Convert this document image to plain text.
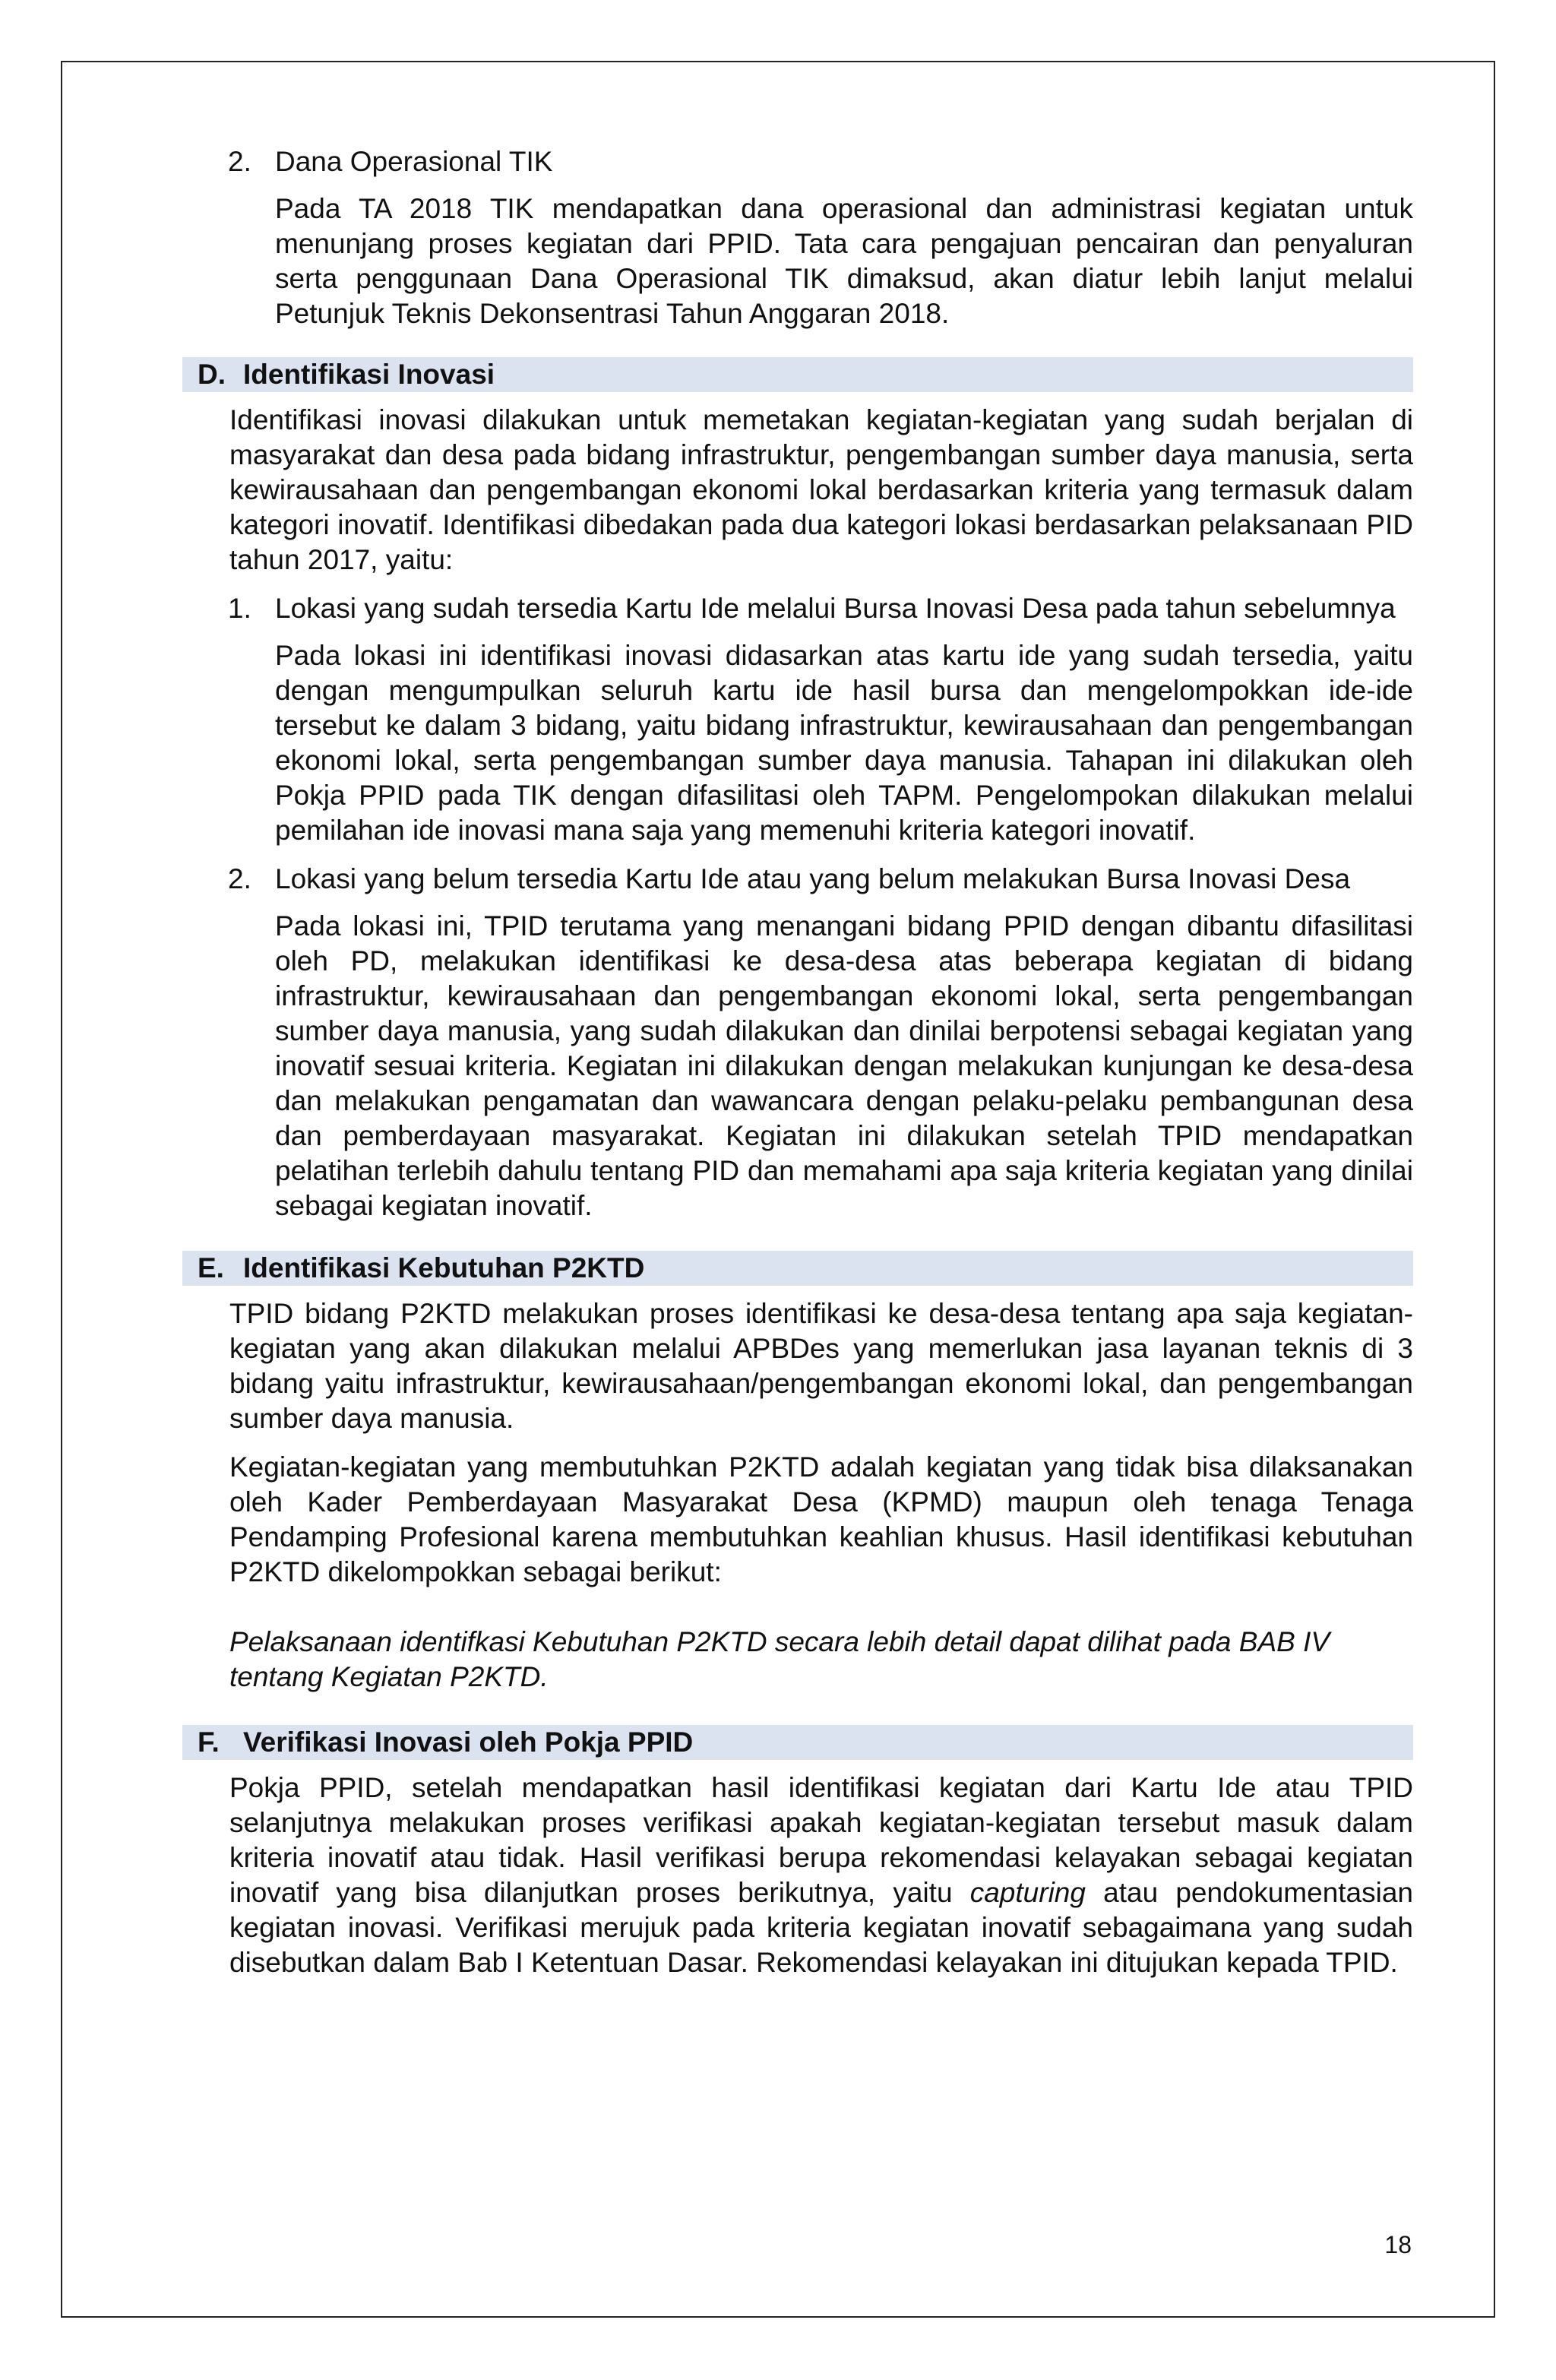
2. Dana Operasional TIK

Pada TA 2018 TIK mendapatkan dana operasional dan administrasi kegiatan untuk menunjang proses kegiatan dari PPID. Tata cara pengajuan pencairan dan penyaluran serta penggunaan Dana Operasional TIK dimaksud, akan diatur lebih lanjut melalui Petunjuk Teknis Dekonsentrasi Tahun Anggaran 2018.

D. Identifikasi Inovasi

Identifikasi inovasi dilakukan untuk memetakan kegiatan-kegiatan yang sudah berjalan di masyarakat dan desa pada bidang infrastruktur, pengembangan sumber daya manusia, serta kewirausahaan dan pengembangan ekonomi lokal berdasarkan kriteria yang termasuk dalam kategori inovatif. Identifikasi dibedakan pada dua kategori lokasi berdasarkan pelaksanaan PID tahun 2017, yaitu:

1. Lokasi yang sudah tersedia Kartu Ide melalui Bursa Inovasi Desa pada tahun sebelumnya

Pada lokasi ini identifikasi inovasi didasarkan atas kartu ide yang sudah tersedia, yaitu dengan mengumpulkan seluruh kartu ide hasil bursa dan mengelompokkan ide-ide tersebut ke dalam 3 bidang, yaitu bidang infrastruktur, kewirausahaan dan pengembangan ekonomi lokal, serta pengembangan sumber daya manusia. Tahapan ini dilakukan oleh Pokja PPID pada TIK dengan difasilitasi oleh TAPM. Pengelompokan dilakukan melalui pemilahan ide inovasi mana saja yang memenuhi kriteria kategori inovatif.

2. Lokasi yang belum tersedia Kartu Ide atau yang belum melakukan Bursa Inovasi Desa

Pada lokasi ini, TPID terutama yang menangani bidang PPID dengan dibantu difasilitasi oleh PD, melakukan identifikasi ke desa-desa atas beberapa kegiatan di bidang infrastruktur, kewirausahaan dan pengembangan ekonomi lokal, serta pengembangan sumber daya manusia, yang sudah dilakukan dan dinilai berpotensi sebagai kegiatan yang inovatif sesuai kriteria. Kegiatan ini dilakukan dengan melakukan kunjungan ke desa-desa dan melakukan pengamatan dan wawancara dengan pelaku-pelaku pembangunan desa dan pemberdayaan masyarakat. Kegiatan ini dilakukan setelah TPID mendapatkan pelatihan terlebih dahulu tentang PID dan memahami apa saja kriteria kegiatan yang dinilai sebagai kegiatan inovatif.

E. Identifikasi Kebutuhan P2KTD

TPID bidang P2KTD melakukan proses identifikasi ke desa-desa tentang apa saja kegiatan-kegiatan yang akan dilakukan melalui APBDes yang memerlukan jasa layanan teknis di 3 bidang yaitu infrastruktur, kewirausahaan/pengembangan ekonomi lokal, dan pengembangan sumber daya manusia.

Kegiatan-kegiatan yang membutuhkan P2KTD adalah kegiatan yang tidak bisa dilaksanakan oleh Kader Pemberdayaan Masyarakat Desa (KPMD) maupun oleh tenaga Tenaga Pendamping Profesional karena membutuhkan keahlian khusus. Hasil identifikasi kebutuhan P2KTD dikelompokkan sebagai berikut:

Pelaksanaan identifkasi Kebutuhan P2KTD secara lebih detail dapat dilihat pada BAB IV tentang Kegiatan P2KTD.

F. Verifikasi Inovasi oleh Pokja PPID

Pokja PPID, setelah mendapatkan hasil identifikasi kegiatan dari Kartu Ide atau TPID selanjutnya melakukan proses verifikasi apakah kegiatan-kegiatan tersebut masuk dalam kriteria inovatif atau tidak. Hasil verifikasi berupa rekomendasi kelayakan sebagai kegiatan inovatif yang bisa dilanjutkan proses berikutnya, yaitu capturing atau pendokumentasian kegiatan inovasi. Verifikasi merujuk pada kriteria kegiatan inovatif sebagaimana yang sudah disebutkan dalam Bab I Ketentuan Dasar. Rekomendasi kelayakan ini ditujukan kepada TPID.

18
